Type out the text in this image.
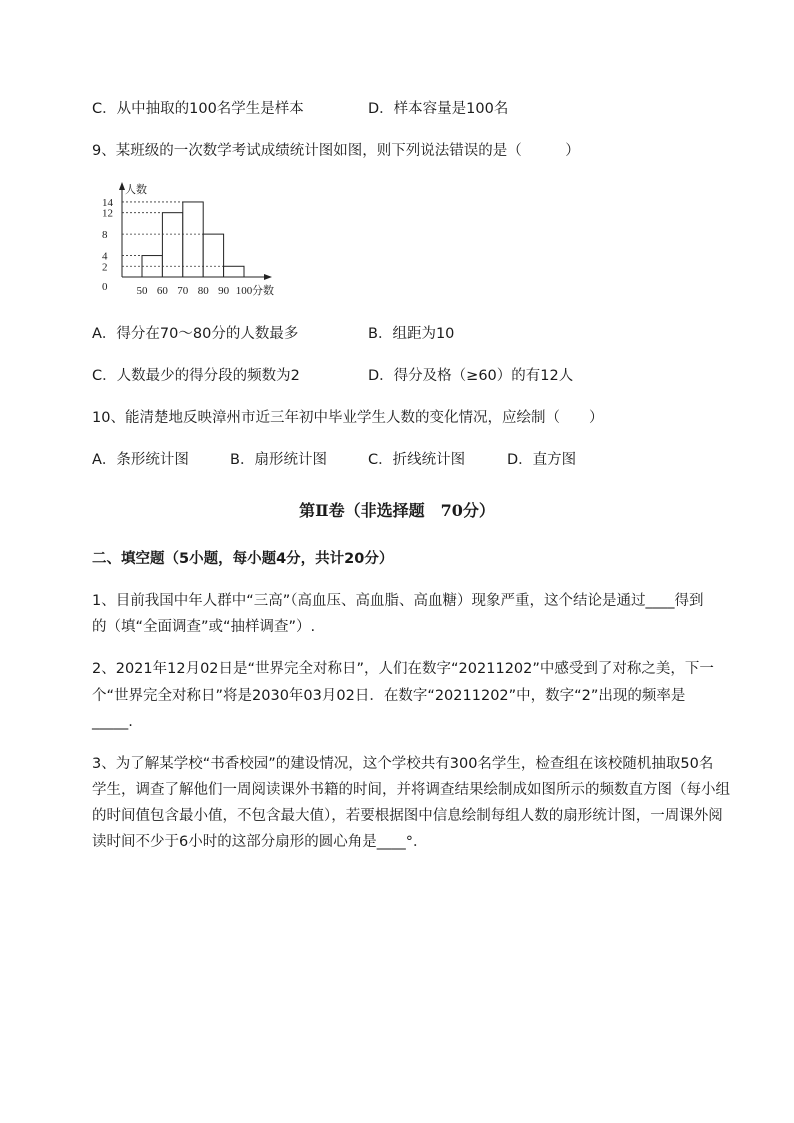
C．从中抽取的100名学生是样本	D．样本容量是100名
9、某班级的一次数学考试成绩统计图如图，则下列说法错误的是（　　　）
人数
分数
0
2
4
8
12
14
50 60 70 80 90 100
A．得分在70～80分的人数最多	B．组距为10
C．人数最少的得分段的频数为2	D．得分及格（≥60）的有12人
10、能清楚地反映漳州市近三年初中毕业学生人数的变化情况，应绘制（　　）
A．条形统计图	B．扇形统计图	C．折线统计图	D．直方图
第Ⅱ卷（非选择题　70分）
二、填空题（5小题，每小题4分，共计20分）
1、目前我国中年人群中“三高”（高血压、高血脂、高血糖）现象严重，这个结论是通过____得到
的（填“全面调查”或“抽样调查”）.
2、2021年12月02日是“世界完全对称日”，人们在数字“20211202”中感受到了对称之美，下一
个“世界完全对称日”将是2030年03月02日．在数字“20211202”中，数字“2”出现的频率是
_____.
3、为了解某学校“书香校园”的建设情况，这个学校共有300名学生，检查组在该校随机抽取50名
学生，调查了解他们一周阅读课外书籍的时间，并将调查结果绘制成如图所示的频数直方图（每小组
的时间值包含最小值，不包含最大值），若要根据图中信息绘制每组人数的扇形统计图，一周课外阅
读时间不少于6小时的这部分扇形的圆心角是____°．
